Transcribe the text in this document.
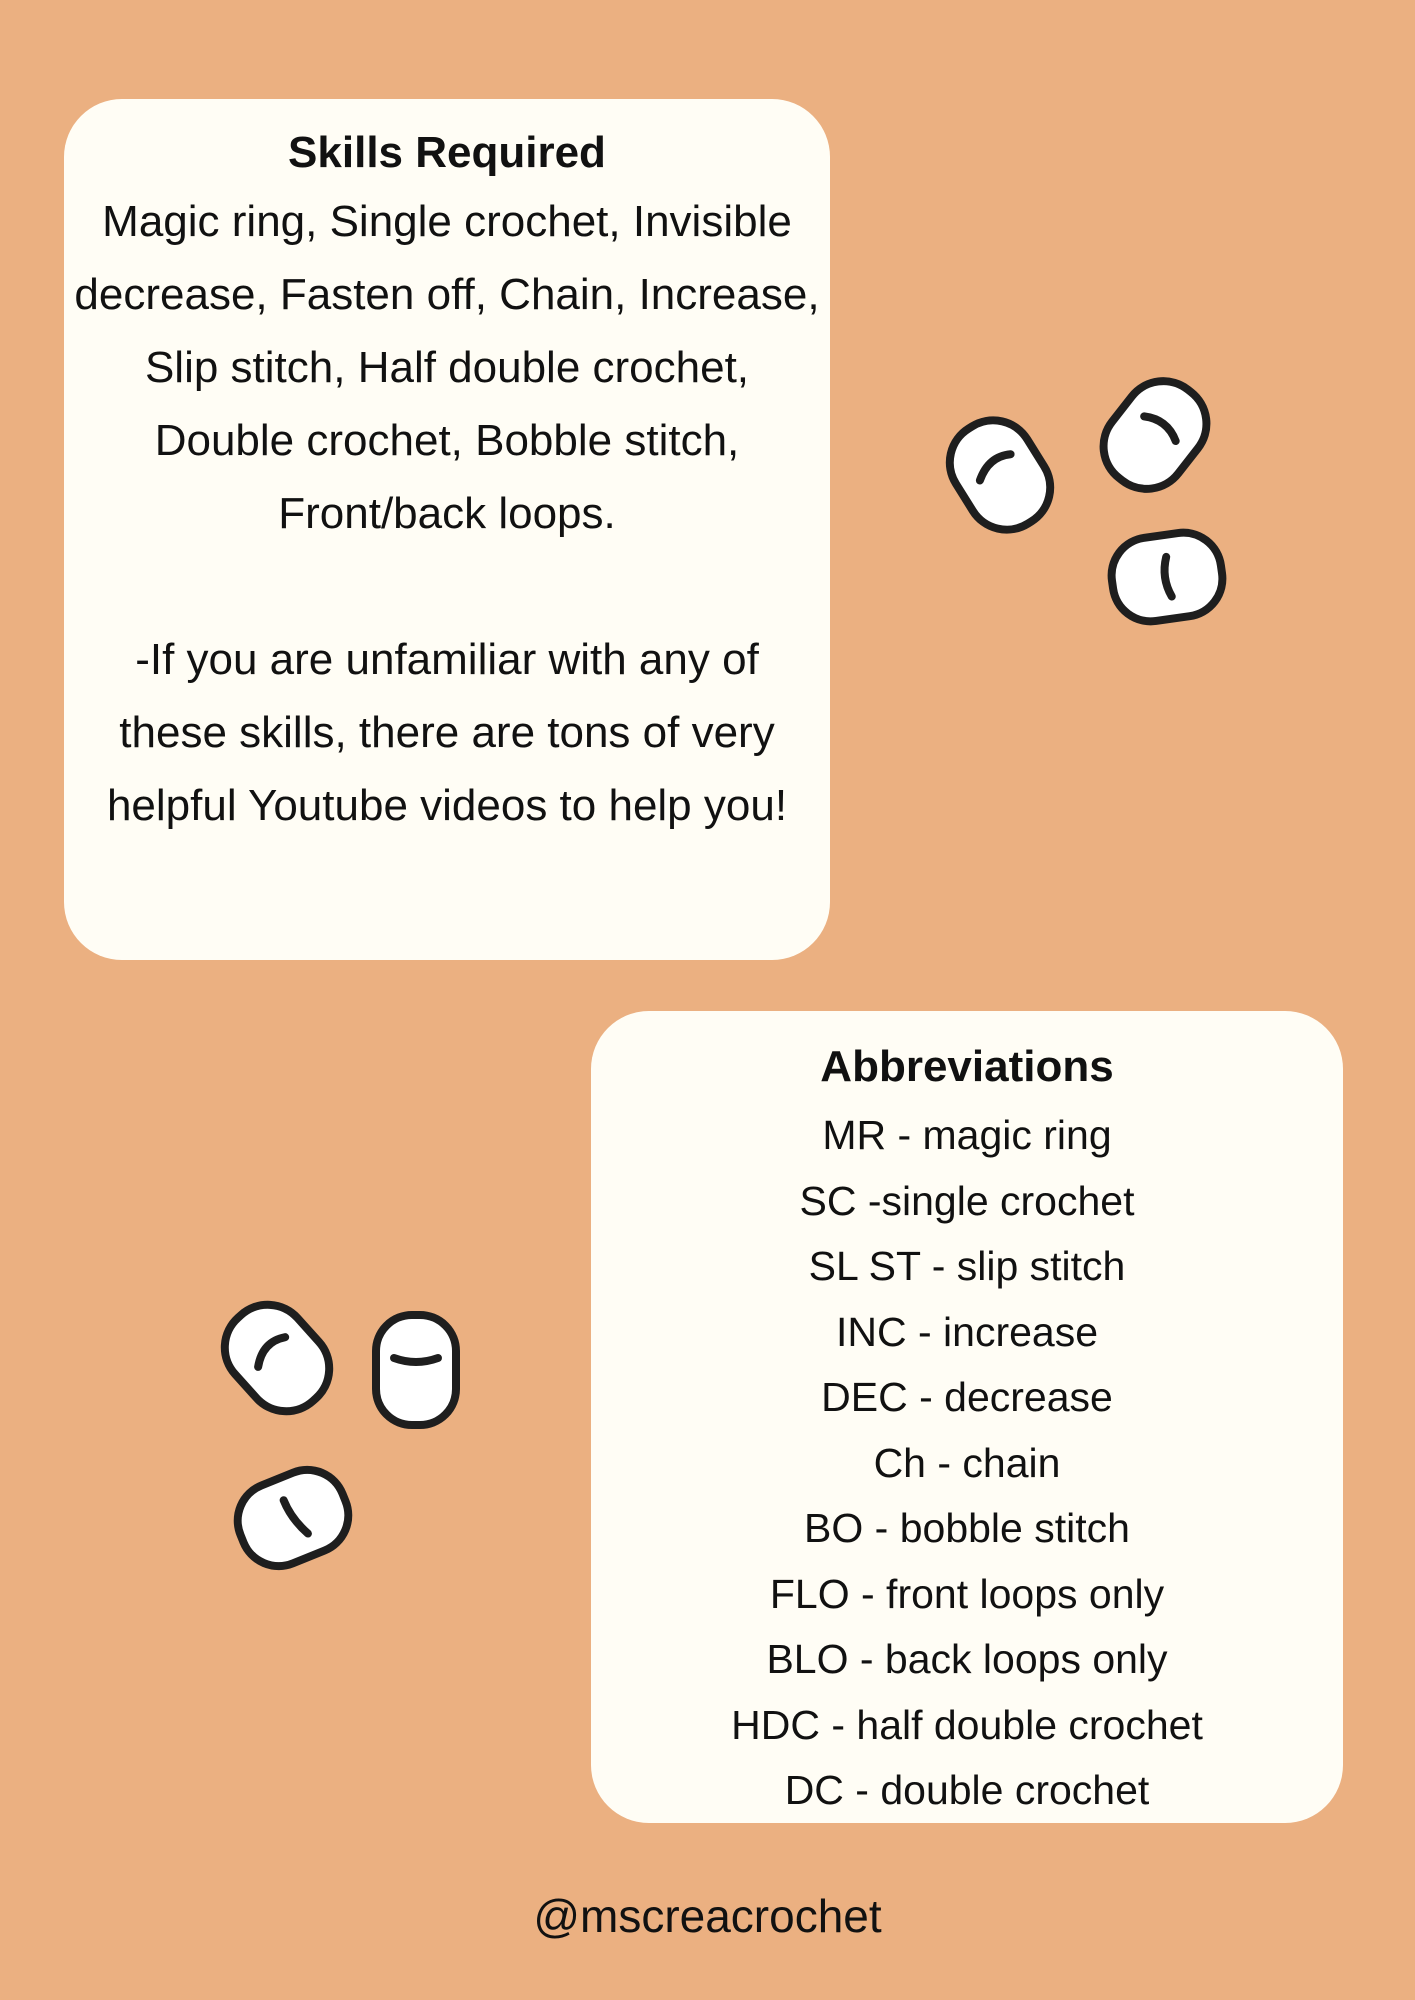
Skills Required

Magic ring, Single crochet, Invisible decrease, Fasten off, Chain, Increase, Slip stitch, Half double crochet, Double crochet, Bobble stitch, Front/back loops.

-If you are unfamiliar with any of these skills, there are tons of very helpful Youtube videos to help you!

Abbreviations
MR - magic ring
SC -single crochet
SL ST - slip stitch
INC - increase
DEC - decrease
Ch - chain
BO - bobble stitch
FLO - front loops only
BLO - back loops only
HDC - half double crochet
DC - double crochet
@mscreacrochet
